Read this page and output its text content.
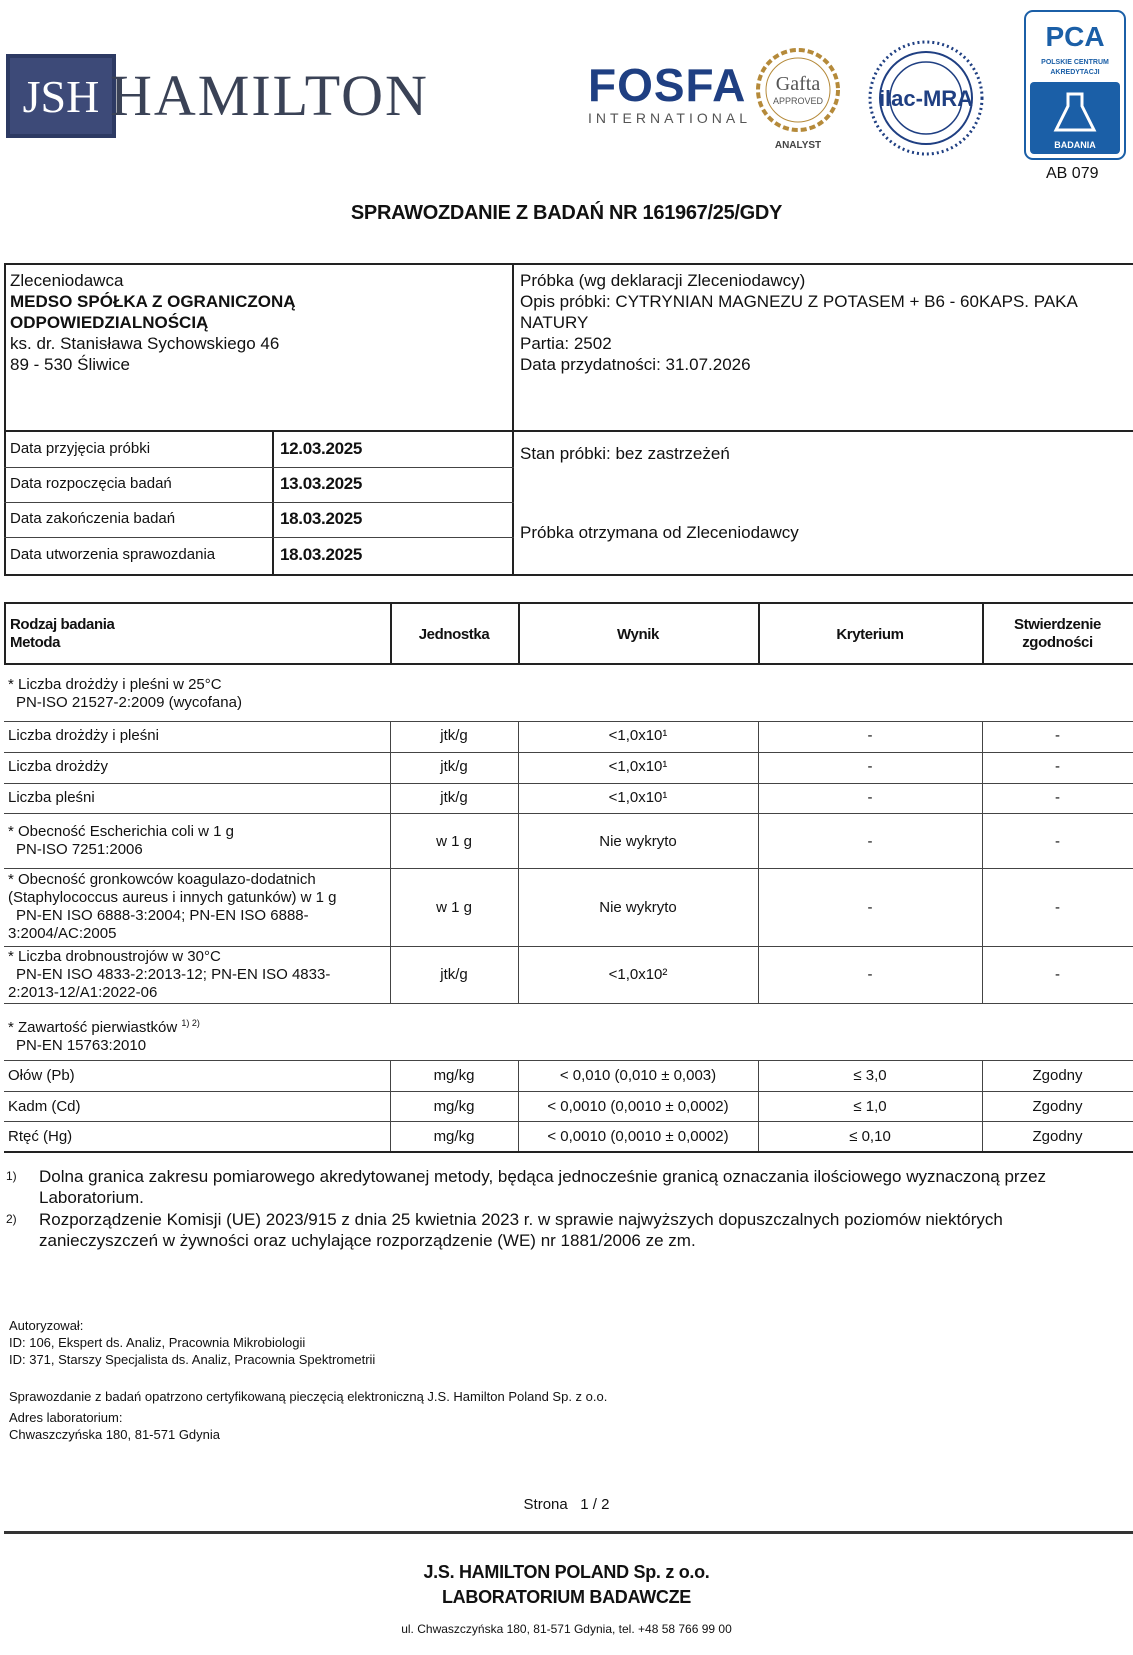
JSH HAMILTON	FOSFA
INTERNATIONAL
Gafta
APPROVED
ANALYST
ilac-MRA
PCA
POLSKIE CENTRUM
AKREDYTACJI
BADANIA
AB 079
SPRAWOZDANIE Z BADAŃ NR 161967/25/GDY
Zleceniodawca
MEDSO SPÓŁKA Z OGRANICZONĄ
ODPOWIEDZIALNOŚCIĄ
ks. dr. Stanisława Sychowskiego 46
89 - 530 Śliwice
Próbka (wg deklaracji Zleceniodawcy)
Opis próbki: CYTRYNIAN MAGNEZU Z POTASEM + B6 - 60KAPS. PAKA
NATURY
Partia: 2502
Data przydatności: 31.07.2026
Data przyjęcia próbki	12.03.2025
Data rozpoczęcia badań	13.03.2025
Data zakończenia badań	18.03.2025
Data utworzenia sprawozdania	18.03.2025
Stan próbki: bez zastrzeżeń
Próbka otrzymana od Zleceniodawcy
Rodzaj badania
Metoda	Jednostka	Wynik	Kryterium
Stwierdzenie
zgodności
* Liczba drożdży i pleśni w 25°C
PN-ISO 21527-2:2009 (wycofana)
Liczba drożdży i pleśni	jtk/g	<1,0x10¹	-	-
Liczba drożdży	jtk/g	<1,0x10¹	-	-
Liczba pleśni	jtk/g	<1,0x10¹	-	-
* Obecność Escherichia coli w 1 g
PN-ISO 7251:2006	w 1 g	Nie wykryto	-	-
* Obecność gronkowców koagulazo-dodatnich
(Staphylococcus aureus i innych gatunków) w 1 g
PN-EN ISO 6888-3:2004; PN-EN ISO 6888-
3:2004/AC:2005
w 1 g	Nie wykryto	-	-
* Liczba drobnoustrojów w 30°C
PN-EN ISO 4833-2:2013-12; PN-EN ISO 4833-
2:2013-12/A1:2022-06
jtk/g	<1,0x10²	-	-
* Zawartość pierwiastków $^{1) 2)}$
PN-EN 15763:2010
Ołów (Pb)	mg/kg	< 0,010 (0,010 ± 0,003)	≤ 3,0	Zgodny
Kadm (Cd)	mg/kg	< 0,0010 (0,0010 ± 0,0002)	≤ 1,0	Zgodny
Rtęć (Hg)	mg/kg	< 0,0010 (0,0010 ± 0,0002)	≤ 0,10	Zgodny
1) Dolna granica zakresu pomiarowego akredytowanej metody, będąca jednocześnie granicą oznaczania ilościowego wyznaczoną przez
Laboratorium.
2) Rozporządzenie Komisji (UE) 2023/915 z dnia 25 kwietnia 2023 r. w sprawie najwyższych dopuszczalnych poziomów niektórych
zanieczyszczeń w żywności oraz uchylające rozporządzenie (WE) nr 1881/2006 ze zm.
Autoryzował:
ID: 106, Ekspert ds. Analiz, Pracownia Mikrobiologii
ID: 371, Starszy Specjalista ds. Analiz, Pracownia Spektrometrii
Sprawozdanie z badań opatrzono certyfikowaną pieczęcią elektroniczną J.S. Hamilton Poland Sp. z o.o.
Adres laboratorium:
Chwaszczyńska 180, 81-571 Gdynia
Strona   1 / 2
J.S. HAMILTON POLAND Sp. z o.o.
LABORATORIUM BADAWCZE
ul. Chwaszczyńska 180, 81-571 Gdynia, tel. +48 58 766 99 00
